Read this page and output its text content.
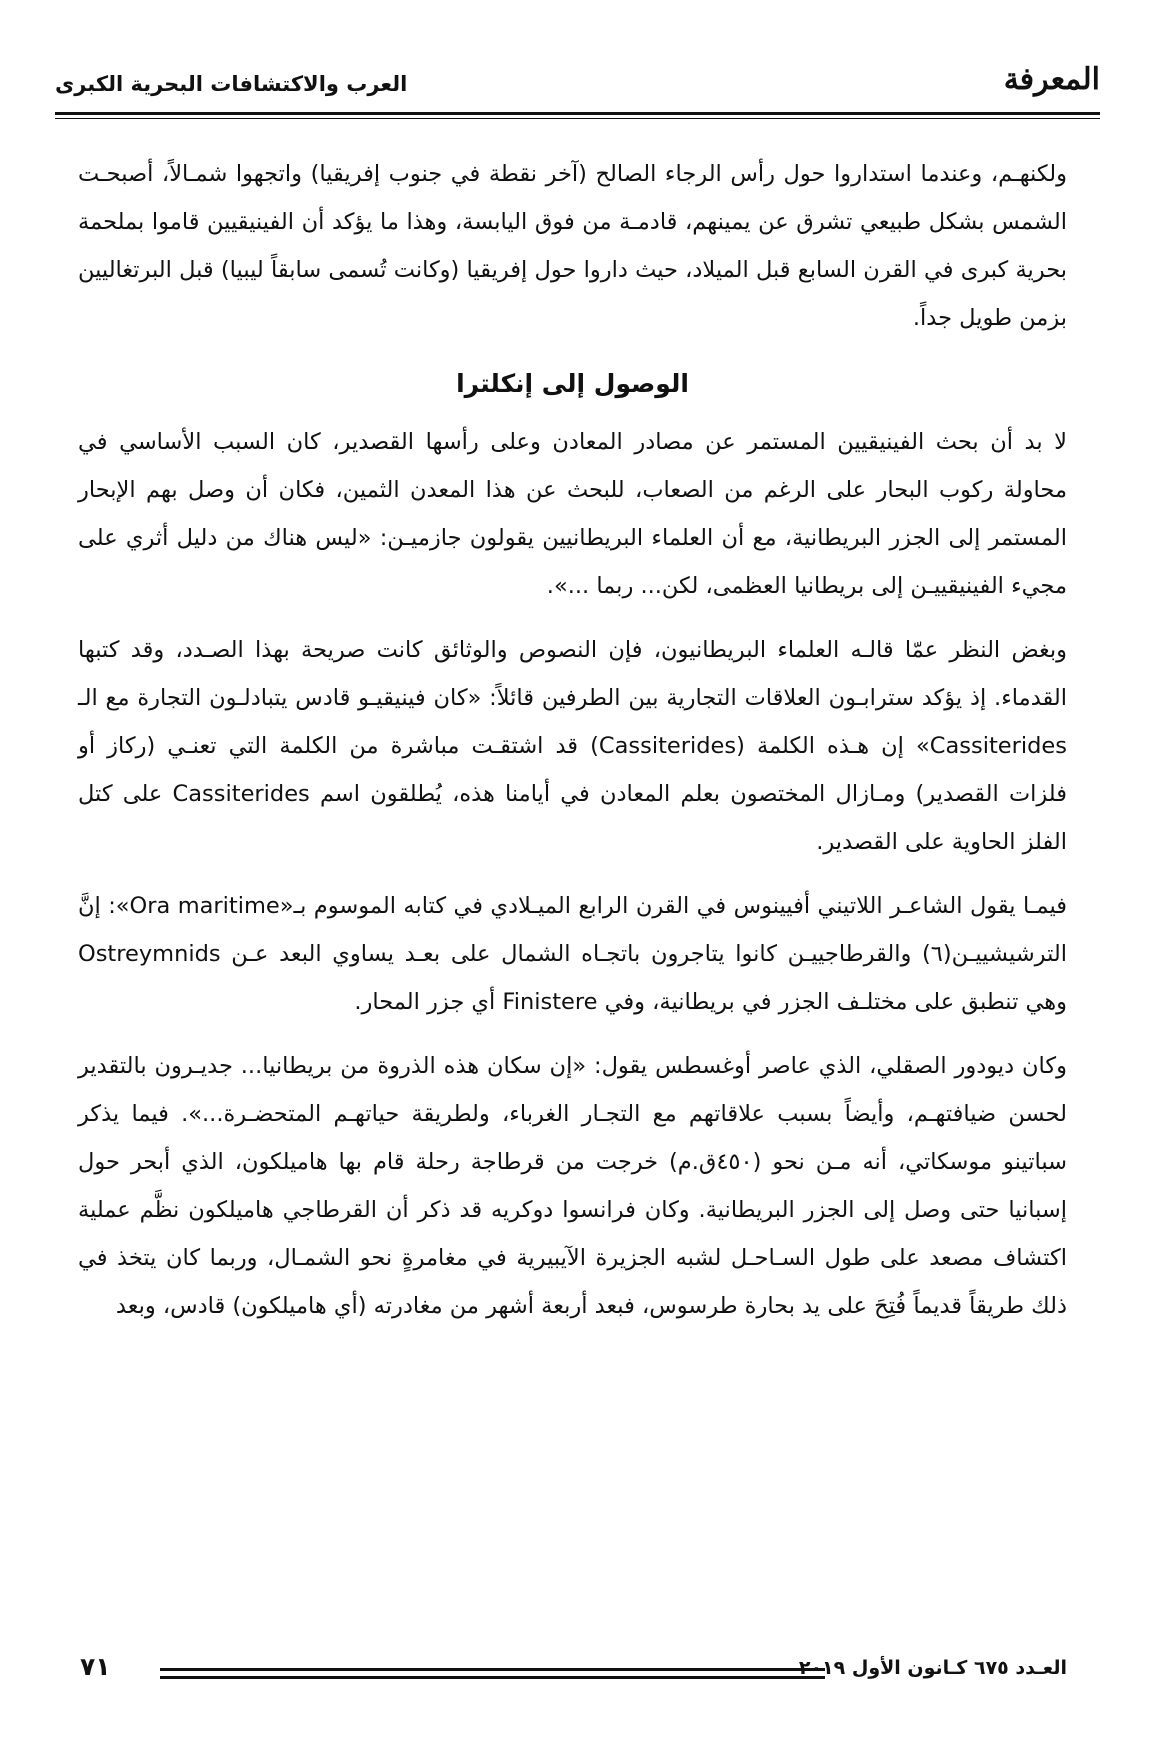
المعرفة
العرب والاكتشافات البحرية الكبرى

ولكنهـم، وعندما استداروا حول رأس الرجاء الصالح (آخر نقطة في جنوب إفريقيا) واتجهوا شمـالاً، أصبحـت الشمس بشكل طبيعي تشرق عن يمينهم، قادمـة من فوق اليابسة، وهذا ما يؤكد أن الفينيقيين قاموا بملحمة بحرية كبرى في القرن السابع قبل الميلاد، حيث داروا حول إفريقيا (وكانت تُسمى سابقاً ليبيا) قبل البرتغاليين بزمن طويل جداً.

الوصول إلى إنكلترا

لا بد أن بحث الفينيقيين المستمر عن مصادر المعادن وعلى رأسها القصدير، كان السبب الأساسي في محاولة ركوب البحار على الرغم من الصعاب، للبحث عن هذا المعدن الثمين، فكان أن وصل بهم الإبحار المستمر إلى الجزر البريطانية، مع أن العلماء البريطانيين يقولون جازميـن: «ليس هناك من دليل أثري على مجيء الفينيقييـن إلى بريطانيا العظمى، لكن... ربما ...».

وبغض النظر عمّا قالـه العلماء البريطانيون، فإن النصوص والوثائق كانت صريحة بهذا الصـدد، وقد كتبها القدماء. إذ يؤكد سترابـون العلاقات التجارية بين الطرفين قائلاً: «كان فينيقيـو قادس يتبادلـون التجارة مع الـ Cassiterides» إن هـذه الكلمة (Cassiterides) قد اشتقـت مباشرة من الكلمة التي تعنـي (ركاز أو فلزات القصدير) ومـازال المختصون بعلم المعادن في أيامنا هذه، يُطلقون اسم Cassiterides على كتل الفلز الحاوية على القصدير.

فيمـا يقول الشاعـر اللاتيني أفيينوس في القرن الرابع الميـلادي في كتابه الموسوم بـ«Ora maritime»: إنَّ الترشيشييـن(٦) والقرطاجييـن كانوا يتاجرون باتجـاه الشمال على بعـد يساوي البعد عـن Ostreymnids وهي تنطبق على مختلـف الجزر في بريطانية، وفي Finistere أي جزر المحار.

وكان ديودور الصقلي، الذي عاصر أوغسطس يقول: «إن سكان هذه الذروة من بريطانيا... جديـرون بالتقدير لحسن ضيافتهـم، وأيضاً بسبب علاقاتهم مع التجـار الغرباء، ولطريقة حياتهـم المتحضـرة...». فيما يذكر سباتينو موسكاتي، أنه مـن نحو (٤٥٠ق.م) خرجت من قرطاجة رحلة قام بها هاميلكون، الذي أبحر حول إسبانيا حتى وصل إلى الجزر البريطانية. وكان فرانسوا دوكريه قد ذكر أن القرطاجي هاميلكون نظَّم عملية اكتشاف مصعد على طول السـاحـل لشبه الجزيرة الآيبيرية في مغامرةٍ نحو الشمـال، وربما كان يتخذ في ذلك طريقاً قديماً فُتِحَ على يد بحارة طرسوس، فبعد أربعة أشهر من مغادرته (أي هاميلكون) قادس، وبعد

العـدد ٦٧٥ كـانون الأول ٢٠١٩
٧١
